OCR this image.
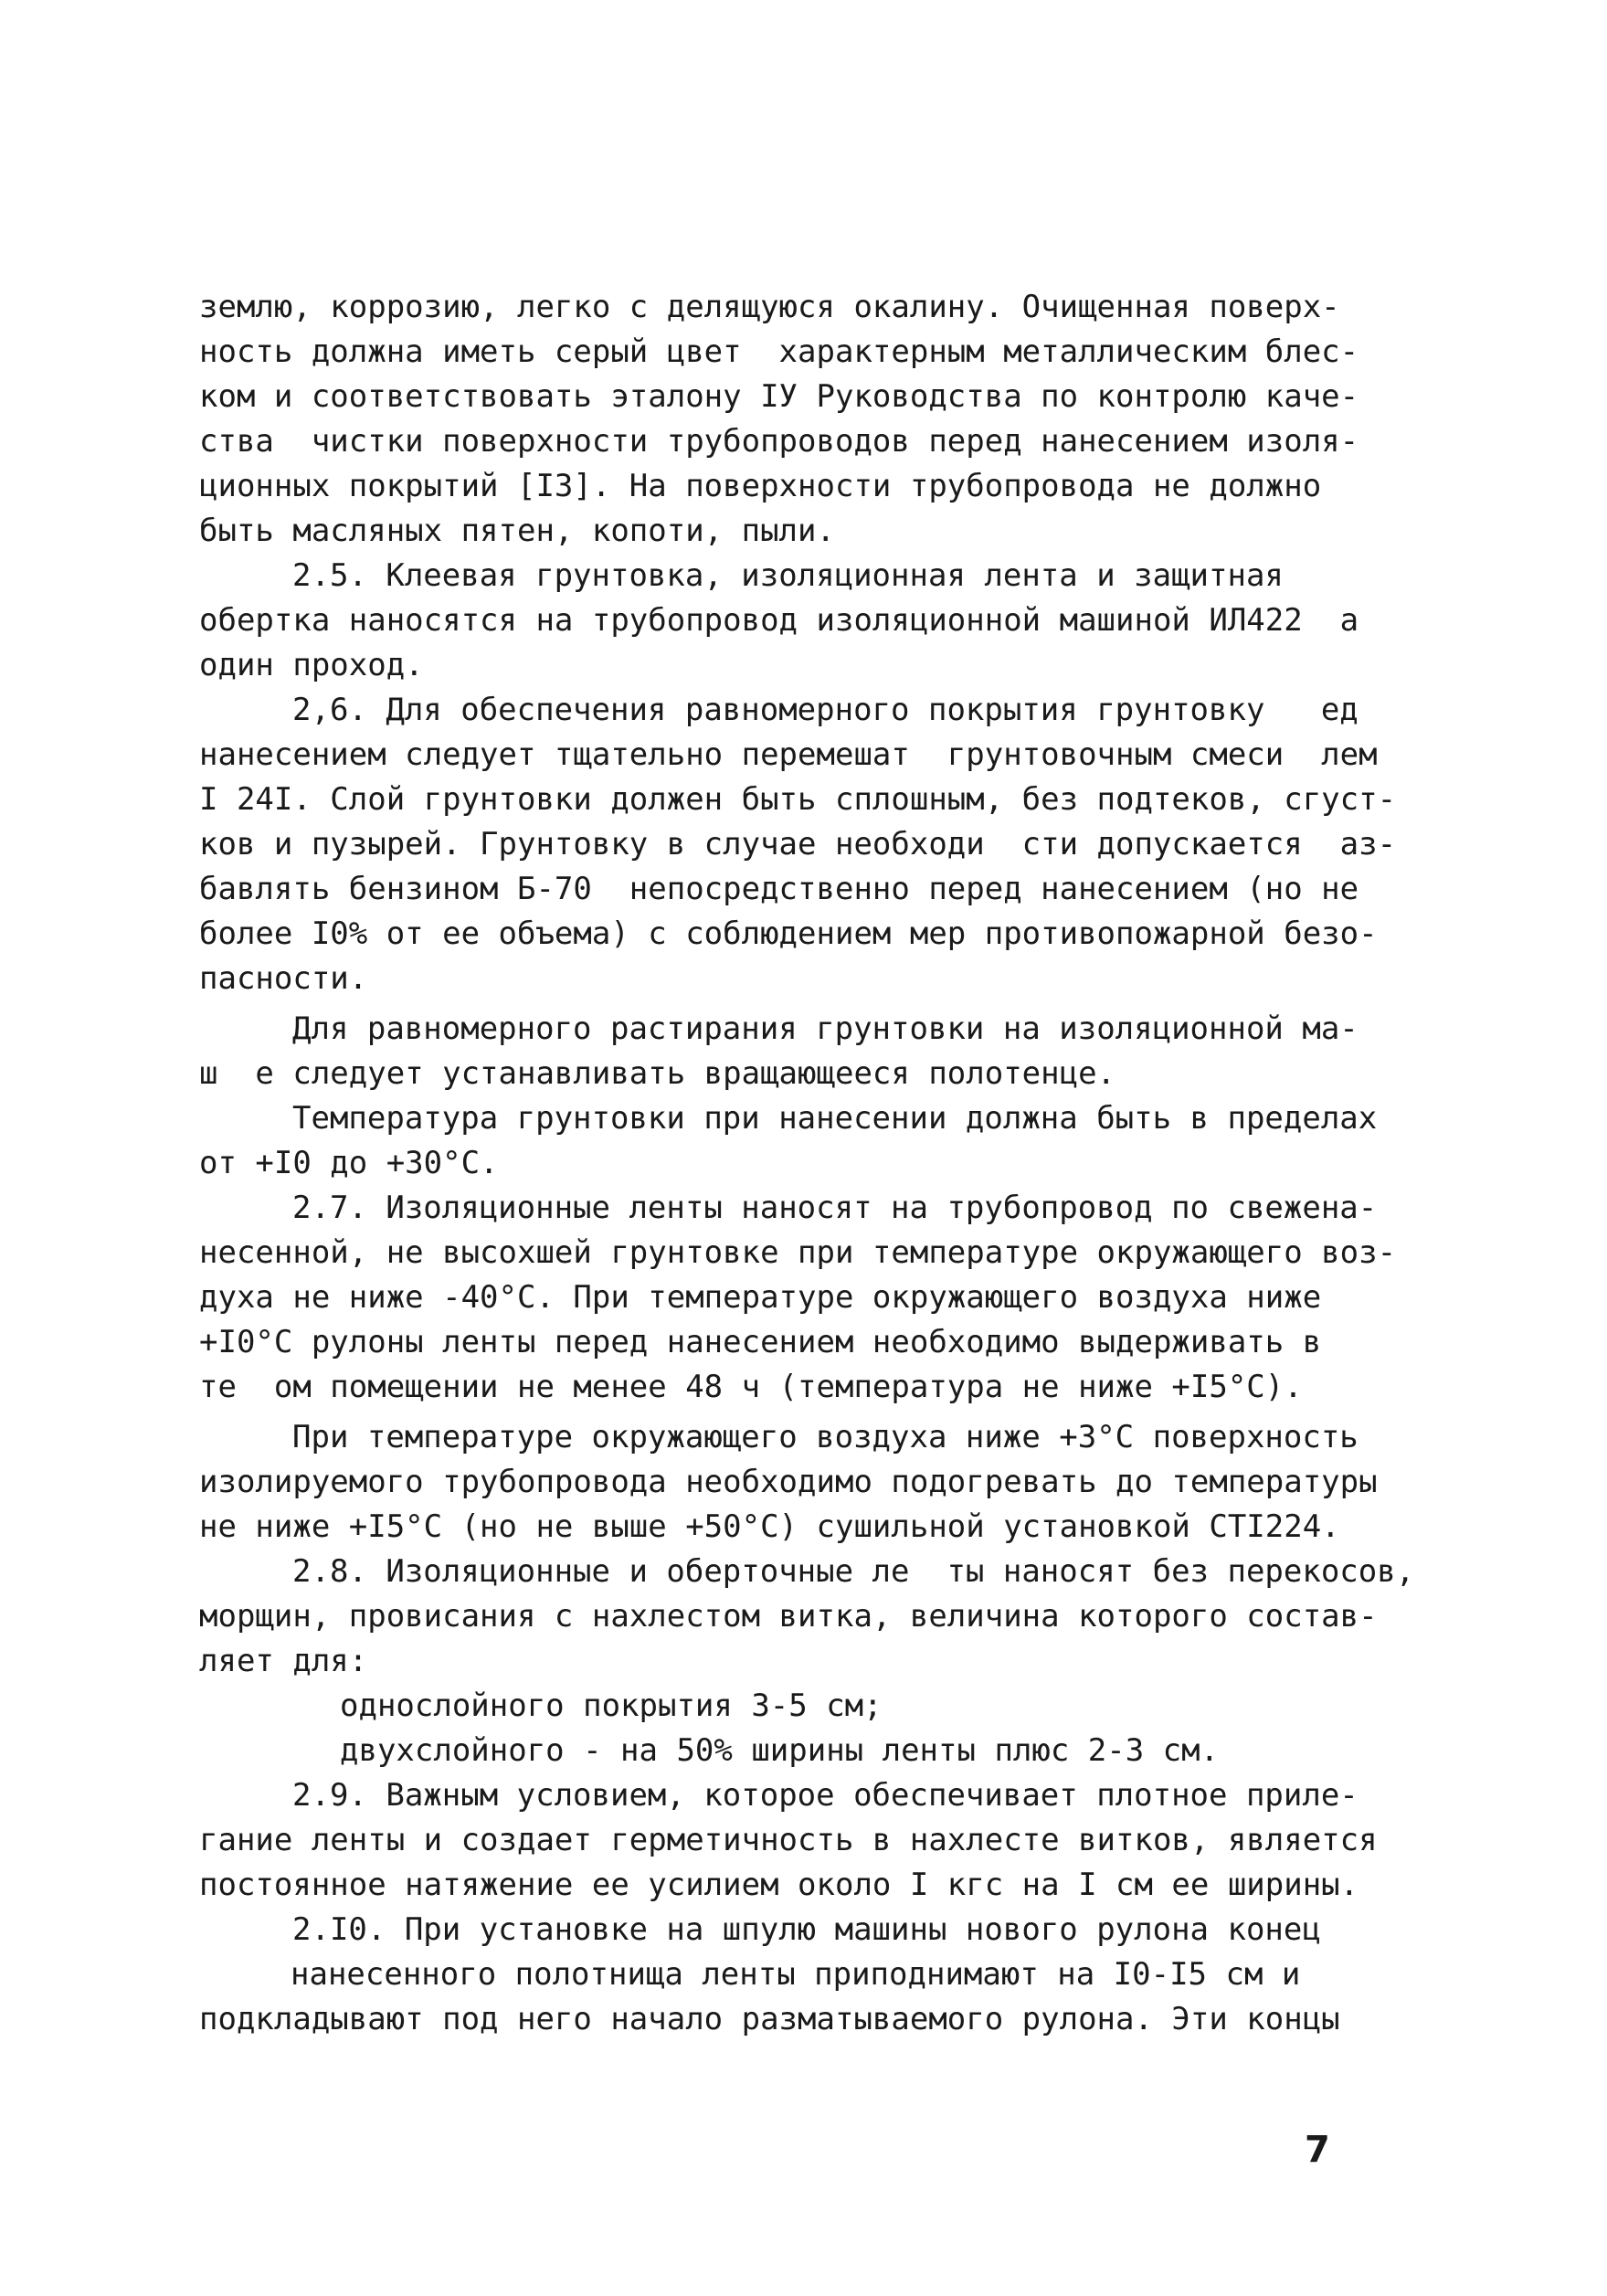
землю, коррозию, легко с делящуюся окалину. Очищенная поверх-
ность должна иметь серый цвет  характерным металлическим блес-
ком и соответствовать эталону IУ Руководства по контролю каче-
ства  чистки поверхности трубопроводов перед нанесением изоля-
ционных покрытий [I3]. На поверхности трубопровода не должно
быть масляных пятен, копоти, пыли.
2.5. Клеевая грунтовка, изоляционная лента и защитная
обертка наносятся на трубопровод изоляционной машиной ИЛ422  а
один проход.
2,6. Для обеспечения равномерного покрытия грунтовку   ед
нанесением следует тщательно перемешат  грунтовочным смеси  лем
I 24I. Слой грунтовки должен быть сплошным, без подтеков, сгуст-
ков и пузырей. Грунтовку в случае необходи  сти допускается  аз-
бавлять бензином Б-70  непосредственно перед нанесением (но не
более I0% от ее объема) с соблюдением мер противопожарной безо-
пасности.
Для равномерного растирания грунтовки на изоляционной ма-
ш  е следует устанавливать вращающееся полотенце.
Температура грунтовки при нанесении должна быть в пределах
от +I0 до +30°С.
2.7. Изоляционные ленты наносят на трубопровод по свежена-
несенной, не высохшей грунтовке при температуре окружающего воз-
духа не ниже -40°С. При температуре окружающего воздуха ниже
+I0°С рулоны ленты перед нанесением необходимо выдерживать в
те  ом помещении не менее 48 ч (температура не ниже +I5°С).
При температуре окружающего воздуха ниже +3°С поверхность
изолируемого трубопровода необходимо подогревать до температуры
не ниже +I5°С (но не выше +50°С) сушильной установкой СТI224.
2.8. Изоляционные и оберточные ле  ты наносят без перекосов,
морщин, провисания с нахлестом витка, величина которого состав-
ляет для:
однослойного покрытия 3-5 см;
двухслойного - на 50% ширины ленты плюс 2-3 см.
2.9. Важным условием, которое обеспечивает плотное приле-
гание ленты и создает герметичность в нахлесте витков, является
постоянное натяжение ее усилием около I кгс на I см ее ширины.
2.I0. При установке на шпулю машины нового рулона конец
нанесенного полотнища ленты приподнимают на I0-I5 см и
подкладывают под него начало разматываемого рулона. Эти концы
7
